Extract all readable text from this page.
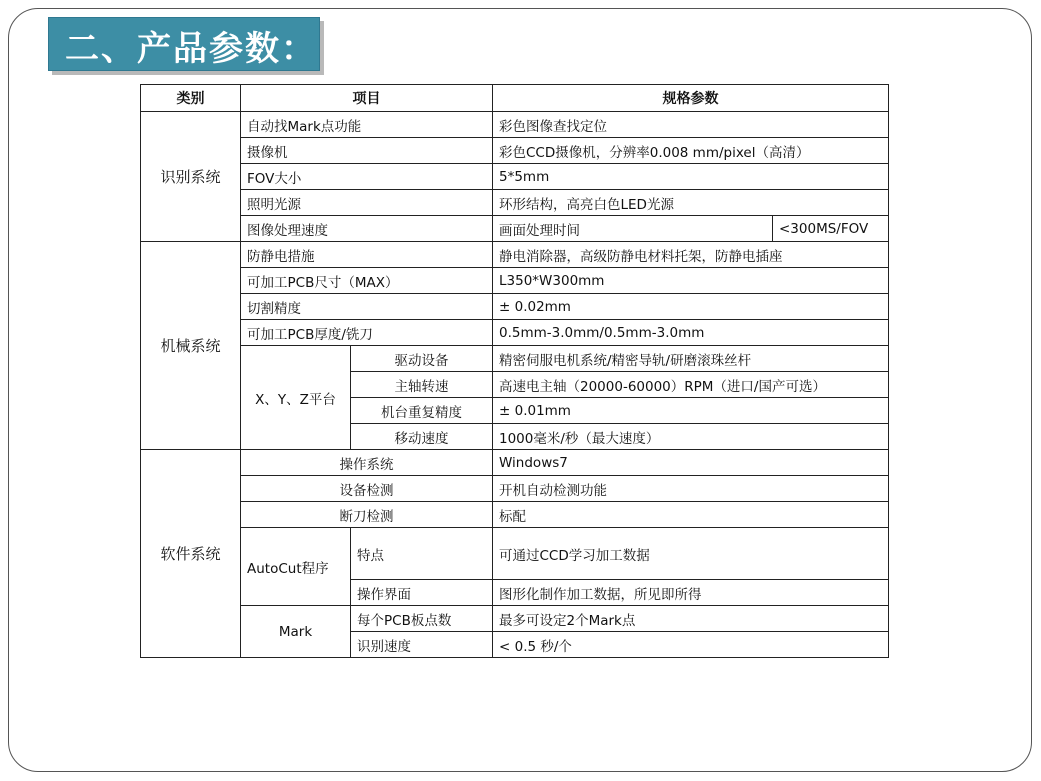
二、产品参数：
类别	项目		规格参数	
识别系统	自动找Mark点功能		彩色图像查找定位	
	摄像机		彩色CCD摄像机，分辨率0.008 mm/pixel（高清）	
	FOV大小		5*5mm	
	照明光源		环形结构，高亮白色LED光源	
	图像处理速度		画面处理时间	<300MS/FOV
机械系统	防静电措施		静电消除器，高级防静电材料托架，防静电插座	
	可加工PCB尺寸（MAX）		L350*W300mm	
	切割精度		± 0.02mm	
	可加工PCB厚度/铣刀		0.5mm-3.0mm/0.5mm-3.0mm	
	X、Y、Z平台	驱动设备	精密伺服电机系统/精密导轨/研磨滚珠丝杆	
		主轴转速	高速电主轴（20000-60000）RPM（进口/国产可选）	
		机台重复精度	± 0.01mm	
		移动速度	1000毫米/秒（最大速度）	
软件系统	操作系统		Windows7	
	设备检测		开机自动检测功能	
	断刀检测		标配	
	AutoCut程序	特点	可通过CCD学习加工数据	
		操作界面	图形化制作加工数据，所见即所得	
	Mark	每个PCB板点数	最多可设定2个Mark点	
		识别速度	< 0.5 秒/个	
